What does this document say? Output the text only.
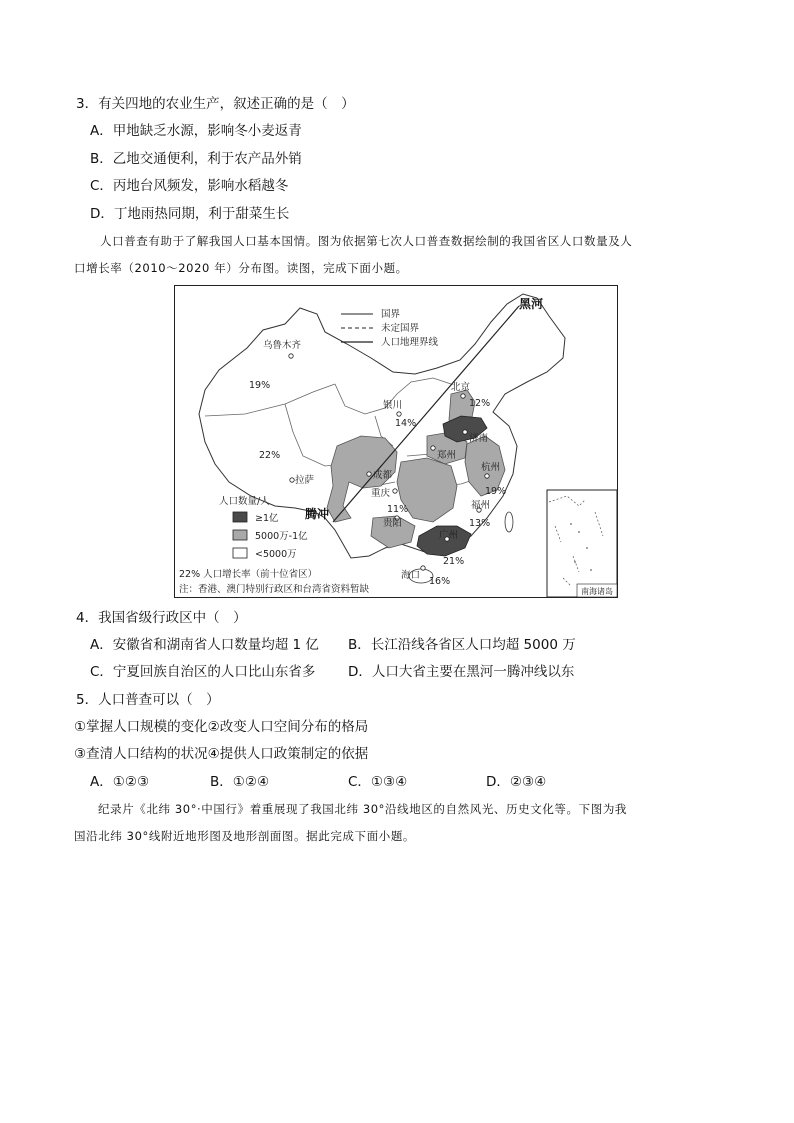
3．有关四地的农业生产，叙述正确的是（　）
A．甲地缺乏水源，影响冬小麦返青
B．乙地交通便利，利于农产品外销
C．丙地台风频发，影响水稻越冬
D．丁地雨热同期，利于甜菜生长
人口普查有助于了解我国人口基本国情。图为依据第七次人口普查数据绘制的我国省区人口数量及人
口增长率（2010～2020 年）分布图。读图，完成下面小题。
国界
未定国界
人口地理界线
黑河
腾冲
乌鲁木齐
拉萨
银川
北京
济南
郑州
成都
重庆
贵阳
杭州
福州
广州
海口
19%
22%
14%
12%
11%
19%
13%
21%
16%
人口数量/人
≥1亿
5000万-1亿
<5000万
22% 人口增长率（前十位省区）
注：香港、澳门特别行政区和台湾省资料暂缺	南海诸岛
4．我国省级行政区中（　）
A．安徽省和湖南省人口数量均超 1 亿 B．长江沿线各省区人口均超 5000 万
C．宁夏回族自治区的人口比山东省多 D．人口大省主要在黑河一腾冲线以东
5．人口普查可以（　）
①掌握人口规模的变化②改变人口空间分布的格局
③查清人口结构的状况④提供人口政策制定的依据
A．①②③	B．①②④	C．①③④	D．②③④
纪录片《北纬 30°·中国行》着重展现了我国北纬 30°沿线地区的自然风光、历史文化等。下图为我
国沿北纬 30°线附近地形图及地形剖面图。据此完成下面小题。
